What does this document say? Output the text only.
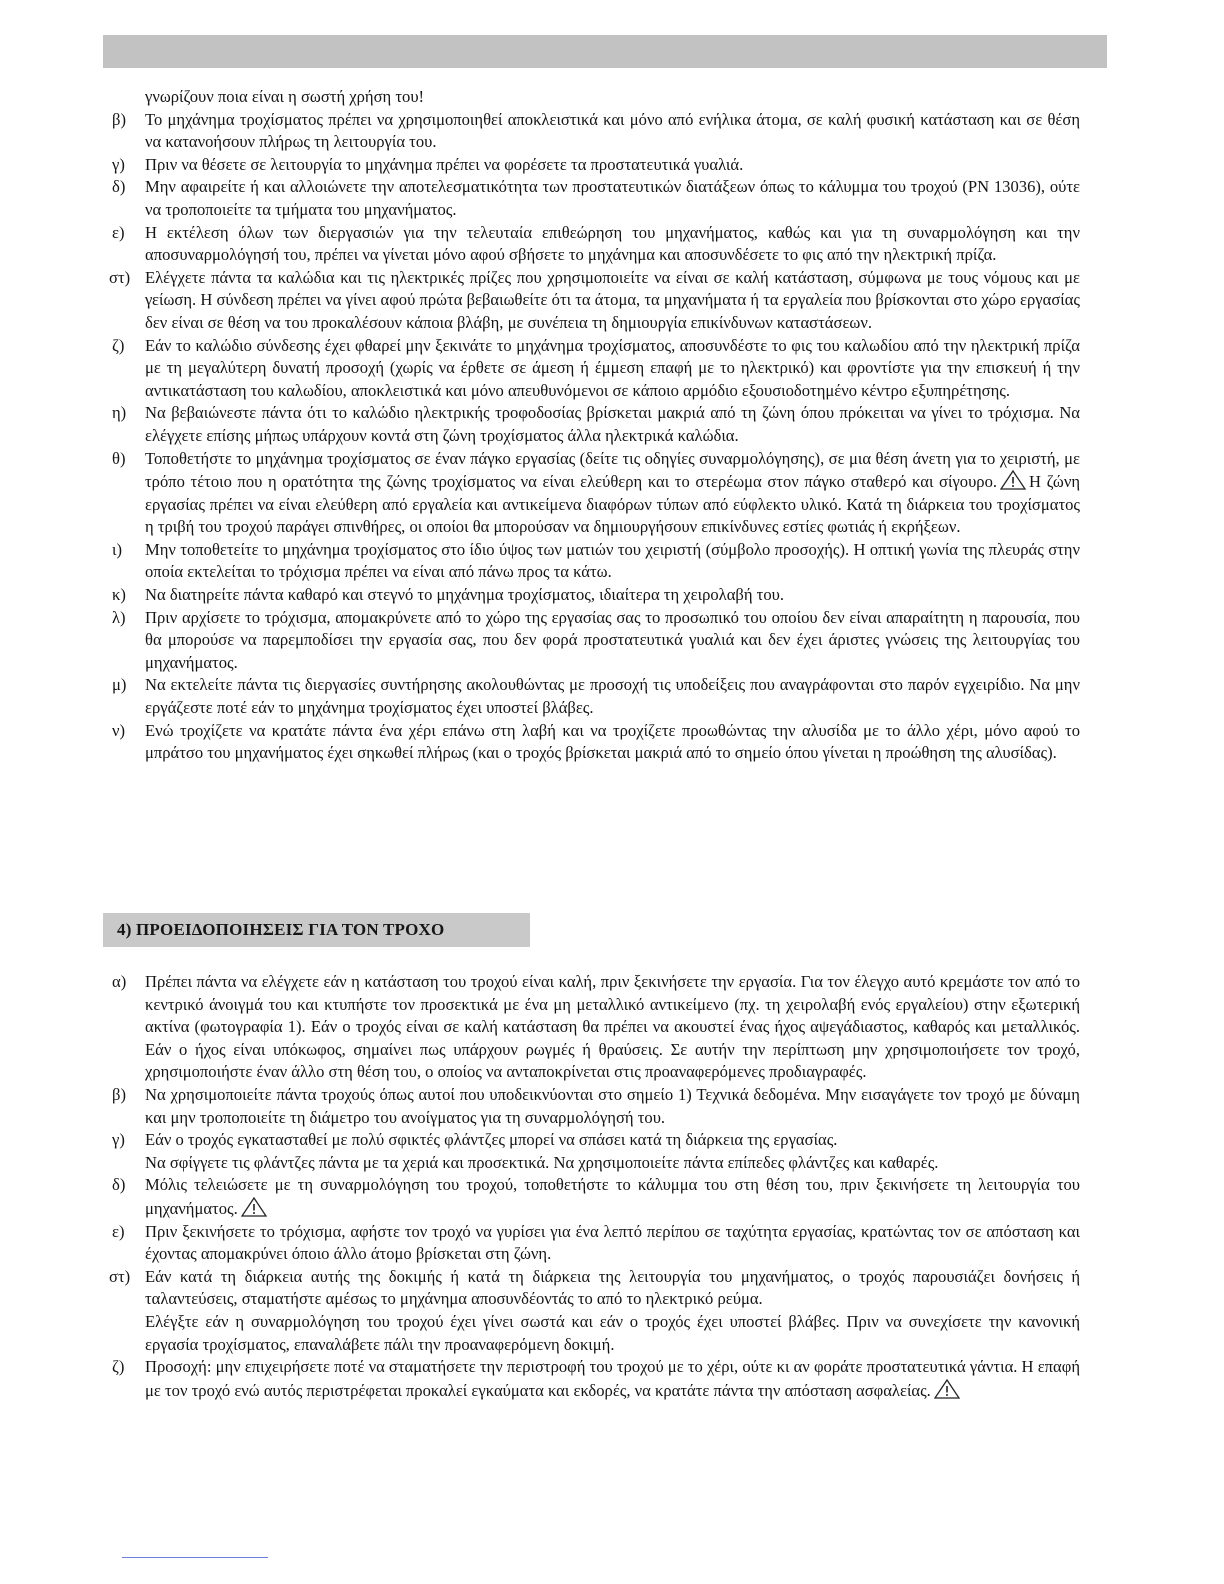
γνωρίζουν ποια είναι η σωστή χρήση του!

β) Το μηχάνημα τροχίσματος πρέπει να χρησιμοποιηθεί αποκλειστικά και μόνο από ενήλικα άτομα, σε καλή φυσική κατάσταση και σε θέση να κατανοήσουν πλήρως τη λειτουργία του.

γ) Πριν να θέσετε σε λειτουργία το μηχάνημα πρέπει να φορέσετε τα προστατευτικά γυαλιά.

δ) Μην αφαιρείτε ή και αλλοιώνετε την αποτελεσματικότητα των προστατευτικών διατάξεων όπως το κάλυμμα του τροχού (PN 13036), ούτε να τροποποιείτε τα τμήματα του μηχανήματος.

ε) Η εκτέλεση όλων των διεργασιών για την τελευταία επιθεώρηση του μηχανήματος, καθώς και για τη συναρμολόγηση και την αποσυναρμολόγησή του, πρέπει να γίνεται μόνο αφού σβήσετε το μηχάνημα και αποσυνδέσετε το φις από την ηλεκτρική πρίζα.

στ) Ελέγχετε πάντα τα καλώδια και τις ηλεκτρικές πρίζες που χρησιμοποιείτε να είναι σε καλή κατάσταση, σύμφωνα με τους νόμους και με γείωση. Η σύνδεση πρέπει να γίνει αφού πρώτα βεβαιωθείτε ότι τα άτομα, τα μηχανήματα ή τα εργαλεία που βρίσκονται στο χώρο εργασίας δεν είναι σε θέση να του προκαλέσουν κάποια βλάβη, με συνέπεια τη δημιουργία επικίνδυνων καταστάσεων.

ζ) Εάν το καλώδιο σύνδεσης έχει φθαρεί μην ξεκινάτε το μηχάνημα τροχίσματος, αποσυνδέστε το φις του καλωδίου από την ηλεκτρική πρίζα με τη μεγαλύτερη δυνατή προσοχή (χωρίς να έρθετε σε άμεση ή έμμεση επαφή με το ηλεκτρικό) και φροντίστε για την επισκευή ή την αντικατάσταση του καλωδίου, αποκλειστικά και μόνο απευθυνόμενοι σε κάποιο αρμόδιο εξουσιοδοτημένο κέντρο εξυπηρέτησης.

η) Να βεβαιώνεστε πάντα ότι το καλώδιο ηλεκτρικής τροφοδοσίας βρίσκεται μακριά από τη ζώνη όπου πρόκειται να γίνει το τρόχισμα. Να ελέγχετε επίσης μήπως υπάρχουν κοντά στη ζώνη τροχίσματος άλλα ηλεκτρικά καλώδια.

θ) Τοποθετήστε το μηχάνημα τροχίσματος σε έναν πάγκο εργασίας (δείτε τις οδηγίες συναρμολόγησης), σε μια θέση άνετη για το χειριστή, με τρόπο τέτοιο που η ορατότητα της ζώνης τροχίσματος να είναι ελεύθερη και το στερέωμα στον πάγκο σταθερό και σίγουρο. Η ζώνη εργασίας πρέπει να είναι ελεύθερη από εργαλεία και αντικείμενα διαφόρων τύπων από εύφλεκτο υλικό. Κατά τη διάρκεια του τροχίσματος η τριβή του τροχού παράγει σπινθήρες, οι οποίοι θα μπορούσαν να δημιουργήσουν επικίνδυνες εστίες φωτιάς ή εκρήξεων.

ι) Μην τοποθετείτε το μηχάνημα τροχίσματος στο ίδιο ύψος των ματιών του χειριστή (σύμβολο προσοχής). Η οπτική γωνία της πλευράς στην οποία εκτελείται το τρόχισμα πρέπει να είναι από πάνω προς τα κάτω.

κ) Να διατηρείτε πάντα καθαρό και στεγνό το μηχάνημα τροχίσματος, ιδιαίτερα τη χειρολαβή του.

λ) Πριν αρχίσετε το τρόχισμα, απομακρύνετε από το χώρο της εργασίας σας το προσωπικό του οποίου δεν είναι απαραίτητη η παρουσία, που θα μπορούσε να παρεμποδίσει την εργασία σας, που δεν φορά προστατευτικά γυαλιά και δεν έχει άριστες γνώσεις της λειτουργίας του μηχανήματος.

μ) Να εκτελείτε πάντα τις διεργασίες συντήρησης ακολουθώντας με προσοχή τις υποδείξεις που αναγράφονται στο παρόν εγχειρίδιο. Να μην εργάζεστε ποτέ εάν το μηχάνημα τροχίσματος έχει υποστεί βλάβες.

ν) Ενώ τροχίζετε να κρατάτε πάντα ένα χέρι επάνω στη λαβή και να τροχίζετε προωθώντας την αλυσίδα με το άλλο χέρι, μόνο αφού το μπράτσο του μηχανήματος έχει σηκωθεί πλήρως (και ο τροχός βρίσκεται μακριά από το σημείο όπου γίνεται η προώθηση της αλυσίδας).

4) ΠΡΟΕΙΔΟΠΟΙΗΣΕΙΣ ΓΙΑ ΤΟΝ ΤΡΟΧΟ
α) Πρέπει πάντα να ελέγχετε εάν η κατάσταση του τροχού είναι καλή, πριν ξεκινήσετε την εργασία. Για τον έλεγχο αυτό κρεμάστε τον από το κεντρικό άνοιγμά του και κτυπήστε τον προσεκτικά με ένα μη μεταλλικό αντικείμενο (πχ. τη χειρολαβή ενός εργαλείου) στην εξωτερική ακτίνα (φωτογραφία 1). Εάν ο τροχός είναι σε καλή κατάσταση θα πρέπει να ακουστεί ένας ήχος αψεγάδιαστος, καθαρός και μεταλλικός. Εάν ο ήχος είναι υπόκωφος, σημαίνει πως υπάρχουν ρωγμές ή θραύσεις. Σε αυτήν την περίπτωση μην χρησιμοποιήσετε τον τροχό, χρησιμοποιήστε έναν άλλο στη θέση του, ο οποίος να ανταποκρίνεται στις προαναφερόμενες προδιαγραφές.

β) Να χρησιμοποιείτε πάντα τροχούς όπως αυτοί που υποδεικνύονται στο σημείο 1) Τεχνικά δεδομένα. Μην εισαγάγετε τον τροχό με δύναμη και μην τροποποιείτε τη διάμετρο του ανοίγματος για τη συναρμολόγησή του.

γ) Εάν ο τροχός εγκατασταθεί με πολύ σφικτές φλάντζες μπορεί να σπάσει κατά τη διάρκεια της εργασίας.

Να σφίγγετε τις φλάντζες πάντα με τα χεριά και προσεκτικά. Να χρησιμοποιείτε πάντα επίπεδες φλάντζες και καθαρές.

δ) Μόλις τελειώσετε με τη συναρμολόγηση του τροχού, τοποθετήστε το κάλυμμα του στη θέση του, πριν ξεκινήσετε τη λειτουργία του μηχανήματος.

ε) Πριν ξεκινήσετε το τρόχισμα, αφήστε τον τροχό να γυρίσει για ένα λεπτό περίπου σε ταχύτητα εργασίας, κρατώντας τον σε απόσταση και έχοντας απομακρύνει όποιο άλλο άτομο βρίσκεται στη ζώνη.

στ) Εάν κατά τη διάρκεια αυτής της δοκιμής ή κατά τη διάρκεια της λειτουργία του μηχανήματος, ο τροχός παρουσιάζει δονήσεις ή ταλαντεύσεις, σταματήστε αμέσως το μηχάνημα αποσυνδέοντάς το από το ηλεκτρικό ρεύμα.

Ελέγξτε εάν η συναρμολόγηση του τροχού έχει γίνει σωστά και εάν ο τροχός έχει υποστεί βλάβες. Πριν να συνεχίσετε την κανονική εργασία τροχίσματος, επαναλάβετε πάλι την προαναφερόμενη δοκιμή.

ζ) Προσοχή: μην επιχειρήσετε ποτέ να σταματήσετε την περιστροφή του τροχού με το χέρι, ούτε κι αν φοράτε προστατευτικά γάντια. Η επαφή με τον τροχό ενώ αυτός περιστρέφεται προκαλεί εγκαύματα και εκδορές, να κρατάτε πάντα την απόσταση ασφαλείας.
